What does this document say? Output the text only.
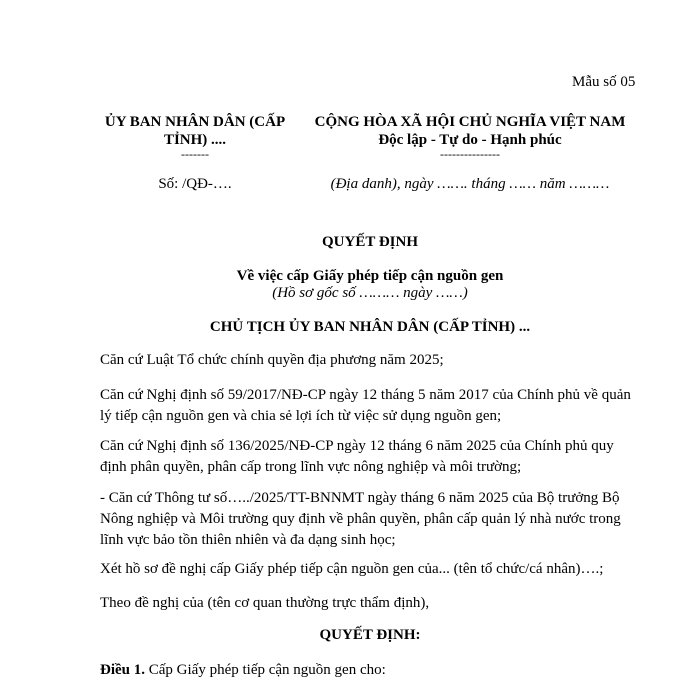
Mẫu số 05
ỦY BAN NHÂN DÂN (CẤP
TỈNH) ....
-------
Số: /QĐ-….
CỘNG HÒA XÃ HỘI CHỦ NGHĨA VIỆT NAM
Độc lập - Tự do - Hạnh phúc
---------------
(Địa danh), ngày ……. tháng …… năm ………
QUYẾT ĐỊNH
Về việc cấp Giấy phép tiếp cận nguồn gen
(Hồ sơ gốc số ……… ngày ……)
CHỦ TỊCH ỦY BAN NHÂN DÂN (CẤP TỈNH) ...
Căn cứ Luật Tổ chức chính quyền địa phương năm 2025;
Căn cứ Nghị định số 59/2017/NĐ-CP ngày 12 tháng 5 năm 2017 của Chính phủ về quản lý tiếp cận nguồn gen và chia sẻ lợi ích từ việc sử dụng nguồn gen;
Căn cứ Nghị định số 136/2025/NĐ-CP ngày 12 tháng 6 năm 2025 của Chính phủ quy định phân quyền, phân cấp trong lĩnh vực nông nghiệp và môi trường;
- Căn cứ Thông tư số…../2025/TT-BNNMT ngày tháng 6 năm 2025 của Bộ trưởng Bộ Nông nghiệp và Môi trường quy định về phân quyền, phân cấp quản lý nhà nước trong lĩnh vực bảo tồn thiên nhiên và đa dạng sinh học;
Xét hồ sơ đề nghị cấp Giấy phép tiếp cận nguồn gen của... (tên tổ chức/cá nhân)….;
Theo đề nghị của (tên cơ quan thường trực thẩm định),
QUYẾT ĐỊNH:
Điều 1. Cấp Giấy phép tiếp cận nguồn gen cho:
